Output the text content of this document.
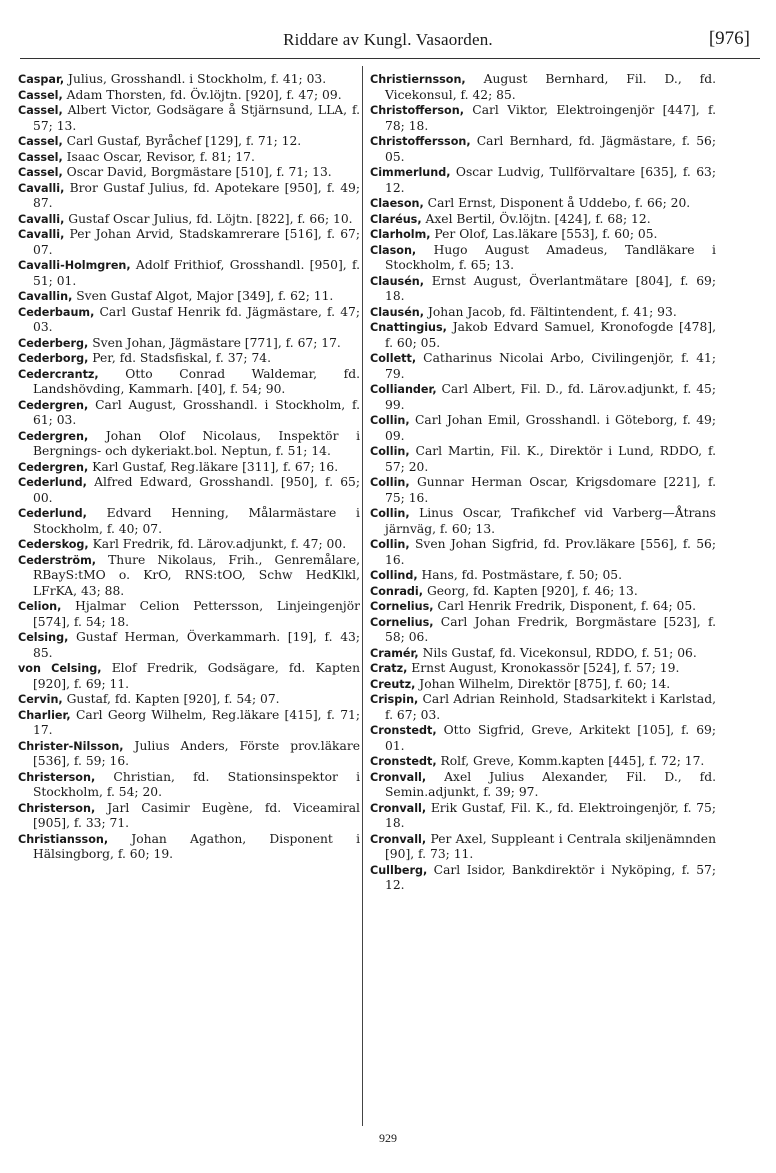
Riddare av Kungl. Vasaorden.	[976]

Caspar, Julius, Grosshandl. i Stockholm, f. 41; 03.

Cassel, Adam Thorsten, fd. Öv.löjtn. [920], f. 47; 09.

Cassel, Albert Victor, Godsägare å Stjärnsund, LLA, f. 57; 13.

Cassel, Carl Gustaf, Byråchef [129], f. 71; 12.

Cassel, Isaac Oscar, Revisor, f. 81; 17.

Cassel, Oscar David, Borgmästare [510], f. 71; 13.

Cavalli, Bror Gustaf Julius, fd. Apotekare [950], f. 49; 87.

Cavalli, Gustaf Oscar Julius, fd. Löjtn. [822], f. 66; 10.

Cavalli, Per Johan Arvid, Stadskamrerare [516], f. 67; 07.

Cavalli-Holmgren, Adolf Frithiof, Grosshandl. [950], f. 51; 01.

Cavallin, Sven Gustaf Algot, Major [349], f. 62; 11.

Cederbaum, Carl Gustaf Henrik fd. Jägmästare, f. 47; 03.

Cederberg, Sven Johan, Jägmästare [771], f. 67; 17.

Cederborg, Per, fd. Stadsfiskal, f. 37; 74.

Cedercrantz, Otto Conrad Waldemar, fd. Landshövding, Kammarh. [40], f. 54; 90.

Cedergren, Carl August, Grosshandl. i Stockholm, f. 61; 03.

Cedergren, Johan Olof Nicolaus, Inspektör i Bergnings- och dykeriakt.bol. Neptun, f. 51; 14.

Cedergren, Karl Gustaf, Reg.läkare [311], f. 67; 16.

Cederlund, Alfred Edward, Grosshandl. [950], f. 65; 00.

Cederlund, Edvard Henning, Målarmästare i Stockholm, f. 40; 07.

Cederskog, Karl Fredrik, fd. Lärov.adjunkt, f. 47; 00.

Cederström, Thure Nikolaus, Frih., Genremålare, RBayS:tMO o. KrO, RNS:tOO, Schw HedKlkl, LFrKA, 43; 88.

Celion, Hjalmar Celion Pettersson, Linjeingenjör [574], f. 54; 18.

Celsing, Gustaf Herman, Överkammarh. [19], f. 43; 85.

von Celsing, Elof Fredrik, Godsägare, fd. Kapten [920], f. 69; 11.

Cervin, Gustaf, fd. Kapten [920], f. 54; 07.

Charlier, Carl Georg Wilhelm, Reg.läkare [415], f. 71; 17.

Christer-Nilsson, Julius Anders, Förste prov.läkare [536], f. 59; 16.

Christerson, Christian, fd. Stationsinspektor i Stockholm, f. 54; 20.

Christerson, Jarl Casimir Eugène, fd. Viceamiral [905], f. 33; 71.

Christiansson, Johan Agathon, Disponent i Hälsingborg, f. 60; 19.

Christiernsson, August Bernhard, Fil. D., fd. Vicekonsul, f. 42; 85.

Christofferson, Carl Viktor, Elektroingenjör [447], f. 78; 18.

Christoffersson, Carl Bernhard, fd. Jägmästare, f. 56; 05.

Cimmerlund, Oscar Ludvig, Tullförvaltare [635], f. 63; 12.

Claeson, Carl Ernst, Disponent å Uddebo, f. 66; 20.

Claréus, Axel Bertil, Öv.löjtn. [424], f. 68; 12.

Clarholm, Per Olof, Las.läkare [553], f. 60; 05.

Clason, Hugo August Amadeus, Tandläkare i Stockholm, f. 65; 13.

Clausén, Ernst August, Överlantmätare [804], f. 69; 18.

Clausén, Johan Jacob, fd. Fältintendent, f. 41; 93.

Cnattingius, Jakob Edvard Samuel, Kronofogde [478], f. 60; 05.

Collett, Catharinus Nicolai Arbo, Civilingenjör, f. 41; 79.

Colliander, Carl Albert, Fil. D., fd. Lärov.adjunkt, f. 45; 99.

Collin, Carl Johan Emil, Grosshandl. i Göteborg, f. 49; 09.

Collin, Carl Martin, Fil. K., Direktör i Lund, RDDO, f. 57; 20.

Collin, Gunnar Herman Oscar, Krigsdomare [221], f. 75; 16.

Collin, Linus Oscar, Trafikchef vid Varberg—Åtrans järnväg, f. 60; 13.

Collin, Sven Johan Sigfrid, fd. Prov.läkare [556], f. 56; 16.

Collind, Hans, fd. Postmästare, f. 50; 05.

Conradi, Georg, fd. Kapten [920], f. 46; 13.

Cornelius, Carl Henrik Fredrik, Disponent, f. 64; 05.

Cornelius, Carl Johan Fredrik, Borgmästare [523], f. 58; 06.

Cramér, Nils Gustaf, fd. Vicekonsul, RDDO, f. 51; 06.

Cratz, Ernst August, Kronokassör [524], f. 57; 19.

Creutz, Johan Wilhelm, Direktör [875], f. 60; 14.

Crispin, Carl Adrian Reinhold, Stadsarkitekt i Karlstad, f. 67; 03.

Cronstedt, Otto Sigfrid, Greve, Arkitekt [105], f. 69; 01.

Cronstedt, Rolf, Greve, Komm.kapten [445], f. 72; 17.

Cronvall, Axel Julius Alexander, Fil. D., fd. Semin.adjunkt, f. 39; 97.

Cronvall, Erik Gustaf, Fil. K., fd. Elektroingenjör, f. 75; 18.

Cronvall, Per Axel, Suppleant i Centrala skiljenämnden [90], f. 73; 11.

Cullberg, Carl Isidor, Bankdirektör i Nyköping, f. 57; 12.

929
